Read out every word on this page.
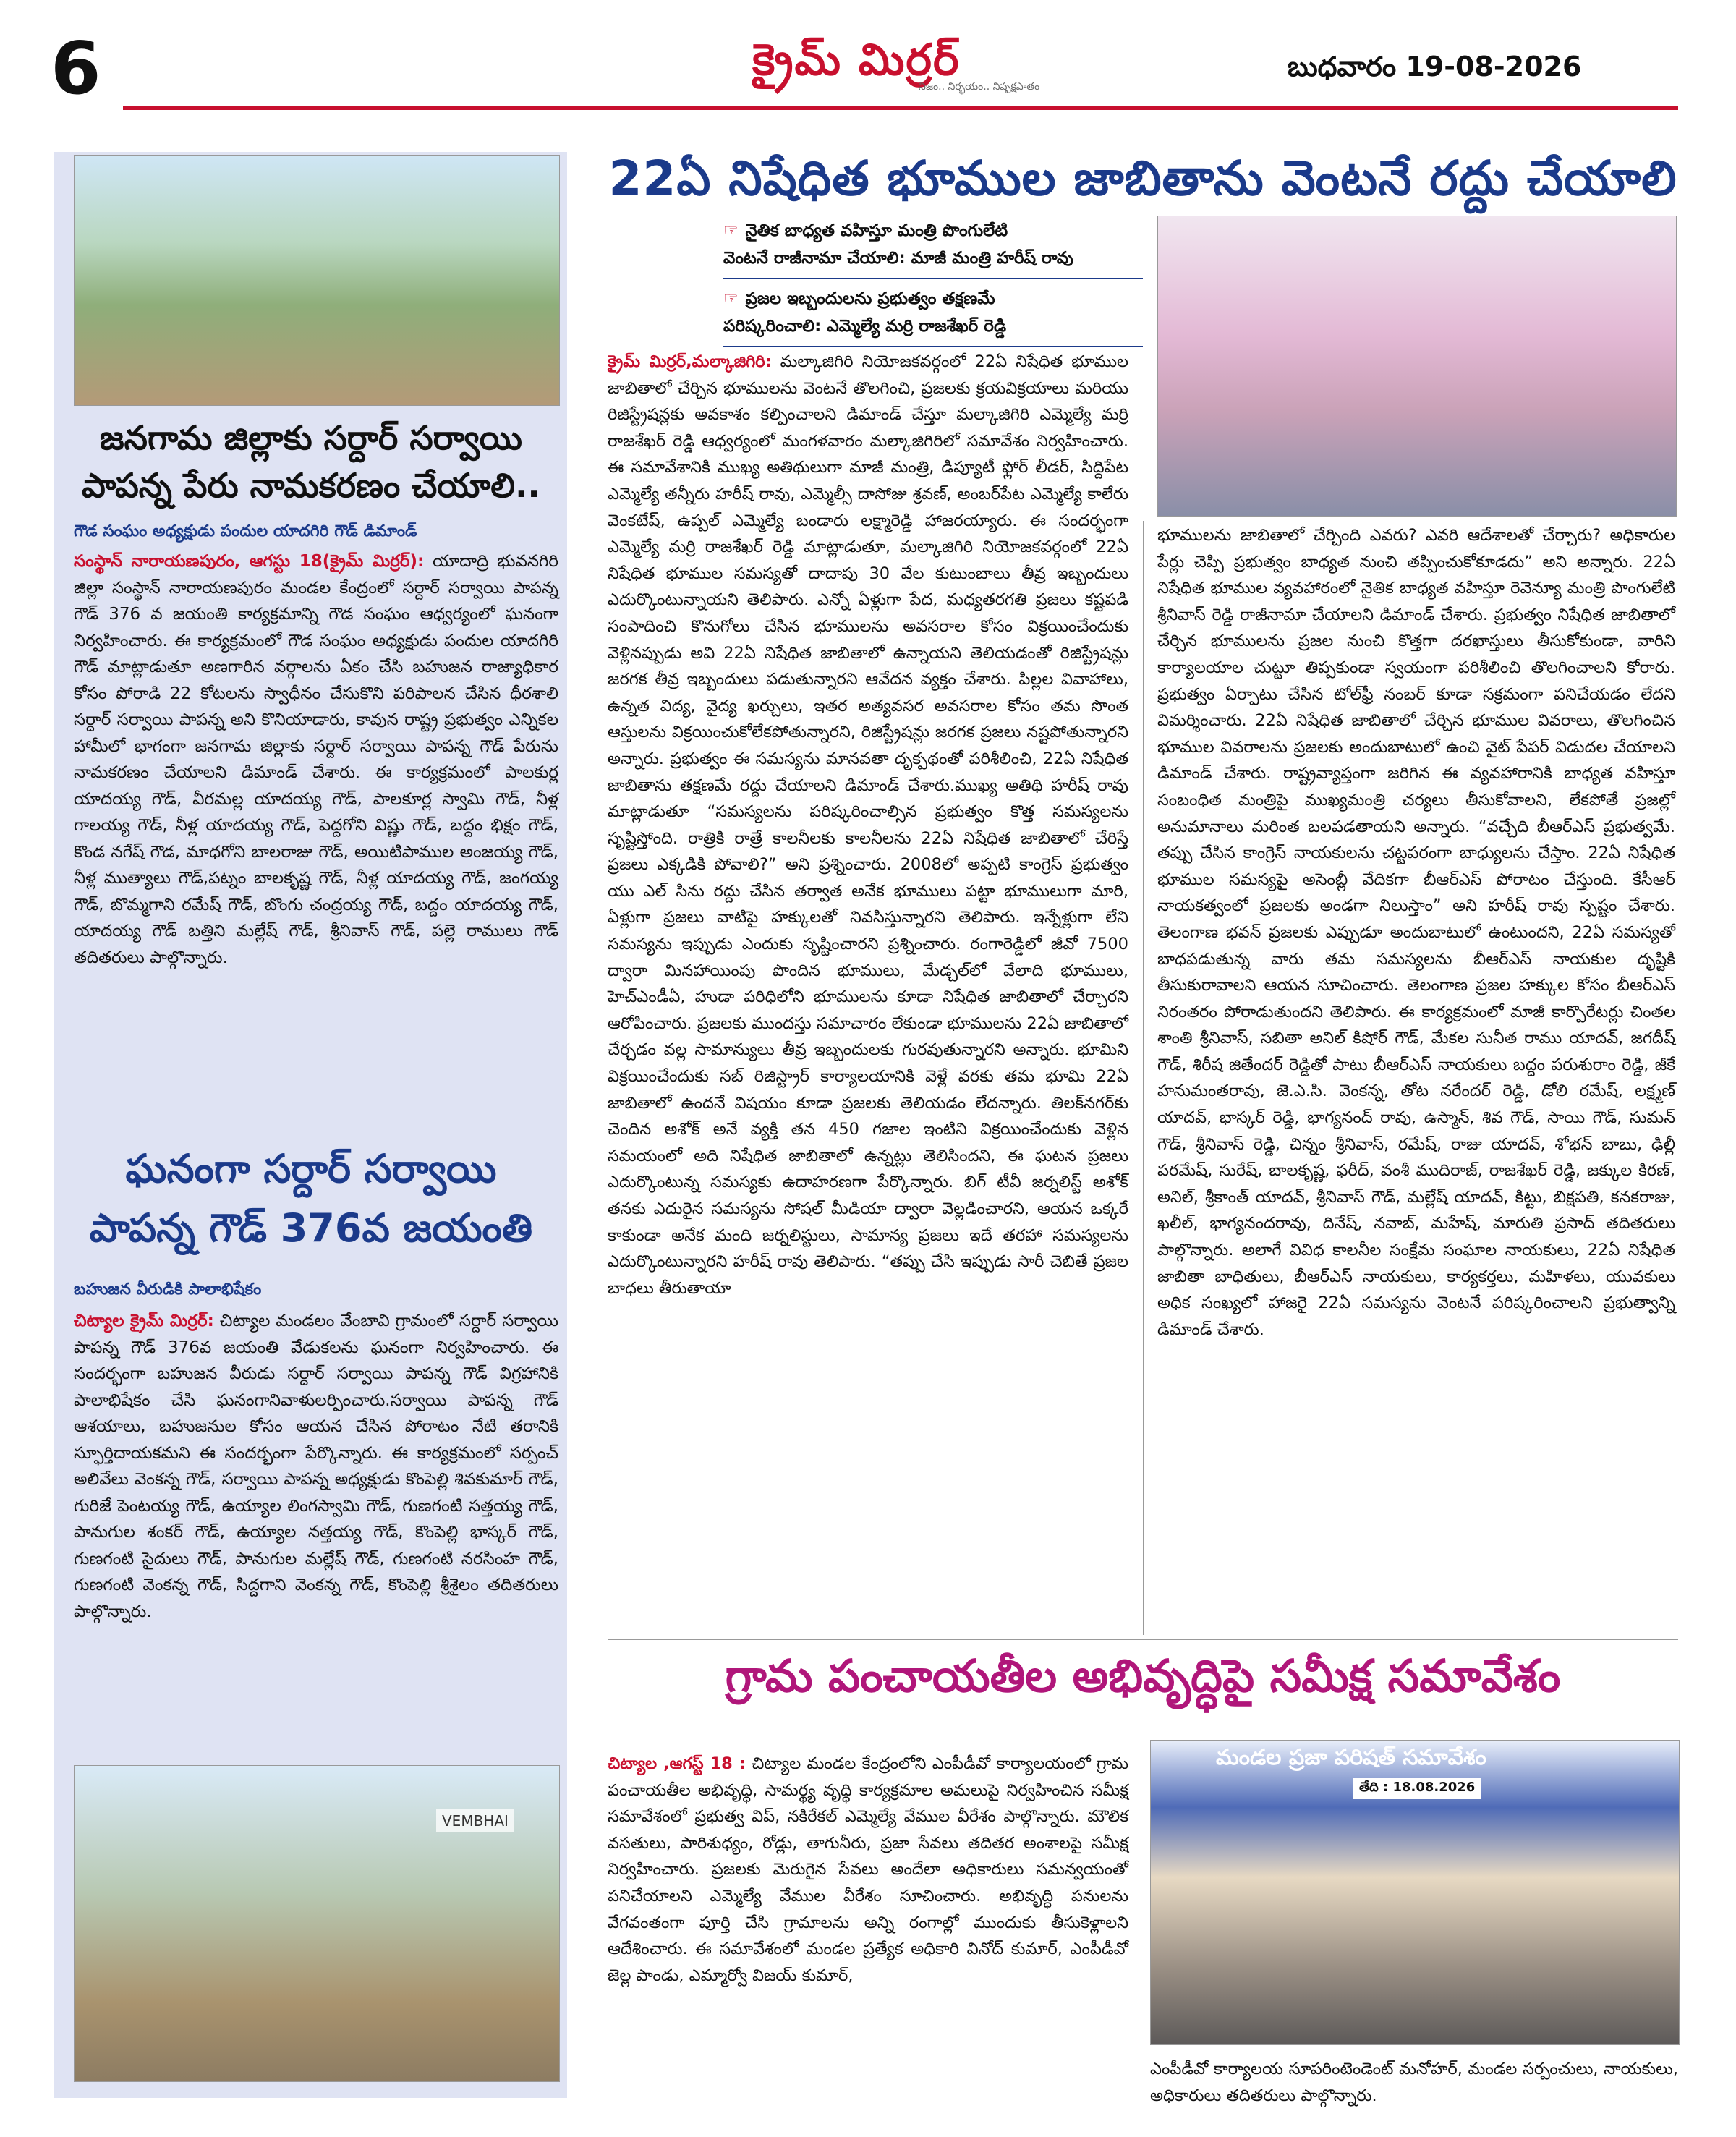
6	క్రైమ్ మిర్రర్
నిజం.. నిర్భయం.. నిష్పక్షపాతం
బుధవారం 19-08-2026
జనగామ జిల్లాకు సర్దార్ సర్వాయి
పాపన్న పేరు నామకరణం చేయాలి..
గౌడ సంఘం అధ్యక్షుడు పందుల యాదగిరి గౌడ్ డిమాండ్
సంస్థాన్ నారాయణపురం, ఆగస్టు 18(క్రైమ్ మిర్రర్): యాదాద్రి భువనగిరి జిల్లా సంస్థాన్ నారాయణపురం మండల కేంద్రంలో సర్దార్ సర్వాయి పాపన్న గౌడ్ 376 వ జయంతి కార్యక్రమాన్ని గౌడ సంఘం ఆధ్వర్యంలో ఘనంగా నిర్వహించారు. ఈ కార్యక్రమంలో గౌడ సంఘం అధ్యక్షుడు పందుల యాదగిరి గౌడ్ మాట్లాడుతూ అణగారిన వర్గాలను ఏకం చేసి బహుజన రాజ్యాధికార కోసం పోరాడి 22 కోటలను స్వాధీనం చేసుకొని పరిపాలన చేసిన ధీరశాలి సర్దార్ సర్వాయి పాపన్న అని కొనియాడారు, కావున రాష్ట్ర ప్రభుత్వం ఎన్నికల హామీలో భాగంగా జనగామ జిల్లాకు సర్దార్ సర్వాయి పాపన్న గౌడ్ పేరును నామకరణం చేయాలని డిమాండ్ చేశారు. ఈ కార్యక్రమంలో పాలకుర్ల యాదయ్య గౌడ్, వీరమల్ల యాదయ్య గౌడ్, పాలకూర్ల స్వామి గౌడ్, నీళ్ల గాలయ్య గౌడ్, నీళ్ల యాదయ్య గౌడ్, పెద్దగోని విష్ణు గౌడ్, బద్దం భిక్షం గౌడ్, కొండ నగేష్ గౌడ, మాధగోని బాలరాజు గౌడ్, అయిటిపాముల అంజయ్య గౌడ్, నీళ్ల ముత్యాలు గౌడ్,పట్నం బాలకృష్ణ గౌడ్, నీళ్ల యాదయ్య గౌడ్, జంగయ్య గౌడ్, బొమ్మగాని రమేష్ గౌడ్, బొంగు చంద్రయ్య గౌడ్, బద్దం యాదయ్య గౌడ్, యాదయ్య గౌడ్ బత్తిని మల్లేష్ గౌడ్, శ్రీనివాస్ గౌడ్, పల్లె రాములు గౌడ్ తదితరులు పాల్గొన్నారు.
ఘనంగా సర్దార్ సర్వాయి
పాపన్న గౌడ్ 376వ జయంతి
బహుజన వీరుడికి పాలాభిషేకం
చిట్యాల క్రైమ్ మిర్రర్: చిట్యాల మండలం వేంబావి గ్రామంలో సర్దార్ సర్వాయి పాపన్న గౌడ్ 376వ జయంతి వేడుకలను ఘనంగా నిర్వహించారు. ఈ సందర్భంగా బహుజన వీరుడు సర్దార్ సర్వాయి పాపన్న గౌడ్ విగ్రహానికి పాలాభిషేకం చేసి ఘనంగానివాళులర్పించారు.సర్వాయి పాపన్న గౌడ్ ఆశయాలు, బహుజనుల కోసం ఆయన చేసిన పోరాటం నేటి తరానికి స్ఫూర్తిదాయకమని ఈ సందర్భంగా పేర్కొన్నారు. ఈ కార్యక్రమంలో సర్పంచ్ అలివేలు వెంకన్న గౌడ్, సర్వాయి పాపన్న అధ్యక్షుడు కొంపెల్లి శివకుమార్ గౌడ్, గురిజే పెంటయ్య గౌడ్, ఉయ్యాల లింగస్వామి గౌడ్, గుణగంటి సత్తయ్య గౌడ్, పానుగుల శంకర్ గౌడ్, ఉయ్యాల నత్తయ్య గౌడ్, కొంపెల్లి భాస్కర్ గౌడ్, గుణగంటి సైదులు గౌడ్, పానుగుల మల్లేష్ గౌడ్, గుణగంటి నరసింహ గౌడ్, గుణగంటి వెంకన్న గౌడ్, సిద్దగాని వెంకన్న గౌడ్, కొంపెల్లి శ్రీశైలం తదితరులు పాల్గొన్నారు.
VEMBHAI
22ఏ నిషేధిత భూముల జాబితాను వెంటనే రద్దు చేయాలి
☞ నైతిక బాధ్యత వహిస్తూ మంత్రి పొంగులేటి
వెంటనే రాజీనామా చేయాలి: మాజీ మంత్రి హరీష్ రావు
☞ ప్రజల ఇబ్బందులను ప్రభుత్వం తక్షణమే
పరిష్కరించాలి: ఎమ్మెల్యే మర్రి రాజశేఖర్ రెడ్డి
క్రైమ్ మిర్రర్,మల్కాజిగిరి: మల్కాజిగిరి నియోజకవర్గంలో 22ఏ నిషేధిత భూముల జాబితాలో చేర్చిన భూములను వెంటనే తొలగించి, ప్రజలకు క్రయవిక్రయాలు మరియు రిజిస్ట్రేషన్లకు అవకాశం కల్పించాలని డిమాండ్ చేస్తూ మల్కాజిగిరి ఎమ్మెల్యే మర్రి రాజశేఖర్ రెడ్డి ఆధ్వర్యంలో మంగళవారం మల్కాజిగిరిలో సమావేశం నిర్వహించారు. ఈ సమావేశానికి ముఖ్య అతిథులుగా మాజీ మంత్రి, డిప్యూటీ ఫ్లోర్ లీడర్, సిద్దిపేట ఎమ్మెల్యే తన్నీరు హరీష్ రావు, ఎమ్మెల్సీ దాసోజు శ్రవణ్, అంబర్‌పేట ఎమ్మెల్యే కాలేరు వెంకటేష్, ఉప్పల్ ఎమ్మెల్యే బండారు లక్ష్మారెడ్డి హాజరయ్యారు. ఈ సందర్భంగా ఎమ్మెల్యే మర్రి రాజశేఖర్ రెడ్డి మాట్లాడుతూ, మల్కాజిగిరి నియోజకవర్గంలో 22ఏ నిషేధిత భూముల సమస్యతో దాదాపు 30 వేల కుటుంబాలు తీవ్ర ఇబ్బందులు ఎదుర్కొంటున్నాయని తెలిపారు. ఎన్నో ఏళ్లుగా పేద, మధ్యతరగతి ప్రజలు కష్టపడి సంపాదించి కొనుగోలు చేసిన భూములను అవసరాల కోసం విక్రయించేందుకు వెళ్లినప్పుడు అవి 22ఏ నిషేధిత జాబితాలో ఉన్నాయని తెలియడంతో రిజిస్ట్రేషన్లు జరగక తీవ్ర ఇబ్బందులు పడుతున్నారని ఆవేదన వ్యక్తం చేశారు. పిల్లల వివాహాలు, ఉన్నత విద్య, వైద్య ఖర్చులు, ఇతర అత్యవసర అవసరాల కోసం తమ సొంత ఆస్తులను విక్రయించుకోలేకపోతున్నారని, రిజిస్ట్రేషన్లు జరగక ప్రజలు నష్టపోతున్నారని అన్నారు. ప్రభుత్వం ఈ సమస్యను మానవతా దృక్పథంతో పరిశీలించి, 22ఏ నిషేధిత జాబితాను తక్షణమే రద్దు చేయాలని డిమాండ్ చేశారు.ముఖ్య అతిథి హరీష్ రావు మాట్లాడుతూ “సమస్యలను పరిష్కరించాల్సిన ప్రభుత్వం కొత్త సమస్యలను సృష్టిస్తోంది. రాత్రికి రాత్రే కాలనీలకు కాలనీలను 22ఏ నిషేధిత జాబితాలో చేరిస్తే ప్రజలు ఎక్కడికి పోవాలి?” అని ప్రశ్నించారు. 2008లో అప్పటి కాంగ్రెస్ ప్రభుత్వం యు ఎల్ సిను రద్దు చేసిన తర్వాత అనేక భూములు పట్టా భూములుగా మారి, ఏళ్లుగా ప్రజలు వాటిపై హక్కులతో నివసిస్తున్నారని తెలిపారు. ఇన్నేళ్లుగా లేని సమస్యను ఇప్పుడు ఎందుకు సృష్టించారని ప్రశ్నించారు. రంగారెడ్డిలో జీవో 7500 ద్వారా మినహాయింపు పొందిన భూములు, మేడ్చల్‌లో వేలాది భూములు, హెచ్‌ఎండీఏ, హుడా పరిధిలోని భూములను కూడా నిషేధిత జాబితాలో చేర్చారని ఆరోపించారు. ప్రజలకు ముందస్తు సమాచారం లేకుండా భూములను 22ఏ జాబితాలో చేర్చడం వల్ల సామాన్యులు తీవ్ర ఇబ్బందులకు గురవుతున్నారని అన్నారు. భూమిని విక్రయించేందుకు సబ్ రిజిస్ట్రార్ కార్యాలయానికి వెళ్లే వరకు తమ భూమి 22ఏ జాబితాలో ఉందనే విషయం కూడా ప్రజలకు తెలియడం లేదన్నారు. తిలక్‌నగర్‌కు చెందిన అశోక్ అనే వ్యక్తి తన 450 గజాల ఇంటిని విక్రయించేందుకు వెళ్లిన సమయంలో అది నిషేధిత జాబితాలో ఉన్నట్లు తెలిసిందని, ఈ ఘటన ప్రజలు ఎదుర్కొంటున్న సమస్యకు ఉదాహరణగా పేర్కొన్నారు. బిగ్ టీవీ జర్నలిస్ట్ అశోక్ తనకు ఎదురైన సమస్యను సోషల్ మీడియా ద్వారా వెల్లడించారని, ఆయన ఒక్కరే కాకుండా అనేక మంది జర్నలిస్టులు, సామాన్య ప్రజలు ఇదే తరహా సమస్యలను ఎదుర్కొంటున్నారని హరీష్ రావు తెలిపారు. “తప్పు చేసి ఇప్పుడు సారీ చెబితే ప్రజల బాధలు తీరుతాయా
భూములను జాబితాలో చేర్చింది ఎవరు? ఎవరి ఆదేశాలతో చేర్చారు? అధికారుల పేర్లు చెప్పి ప్రభుత్వం బాధ్యత నుంచి తప్పించుకోకూడదు” అని అన్నారు. 22ఏ నిషేధిత భూముల వ్యవహారంలో నైతిక బాధ్యత వహిస్తూ రెవెన్యూ మంత్రి పొంగులేటి శ్రీనివాస్ రెడ్డి రాజీనామా చేయాలని డిమాండ్ చేశారు. ప్రభుత్వం నిషేధిత జాబితాలో చేర్చిన భూములను ప్రజల నుంచి కొత్తగా దరఖాస్తులు తీసుకోకుండా, వారిని కార్యాలయాల చుట్టూ తిప్పకుండా స్వయంగా పరిశీలించి తొలగించాలని కోరారు. ప్రభుత్వం ఏర్పాటు చేసిన టోల్‌ఫ్రీ నంబర్ కూడా సక్రమంగా పనిచేయడం లేదని విమర్శించారు. 22ఏ నిషేధిత జాబితాలో చేర్చిన భూముల వివరాలు, తొలగించిన భూముల వివరాలను ప్రజలకు అందుబాటులో ఉంచి వైట్ పేపర్ విడుదల చేయాలని డిమాండ్ చేశారు. రాష్ట్రవ్యాప్తంగా జరిగిన ఈ వ్యవహారానికి బాధ్యత వహిస్తూ సంబంధిత మంత్రిపై ముఖ్యమంత్రి చర్యలు తీసుకోవాలని, లేకపోతే ప్రజల్లో అనుమానాలు మరింత బలపడతాయని అన్నారు. “వచ్చేది బీఆర్ఎస్ ప్రభుత్వమే. తప్పు చేసిన కాంగ్రెస్ నాయకులను చట్టపరంగా బాధ్యులను చేస్తాం. 22ఏ నిషేధిత భూముల సమస్యపై అసెంబ్లీ వేదికగా బీఆర్ఎస్ పోరాటం చేస్తుంది. కేసీఆర్ నాయకత్వంలో ప్రజలకు అండగా నిలుస్తాం” అని హరీష్ రావు స్పష్టం చేశారు. తెలంగాణ భవన్ ప్రజలకు ఎప్పుడూ అందుబాటులో ఉంటుందని, 22ఏ సమస్యతో బాధపడుతున్న వారు తమ సమస్యలను బీఆర్ఎస్ నాయకుల దృష్టికి తీసుకురావాలని ఆయన సూచించారు. తెలంగాణ ప్రజల హక్కుల కోసం బీఆర్ఎస్ నిరంతరం పోరాడుతుందని తెలిపారు. ఈ కార్యక్రమంలో మాజీ కార్పొరేటర్లు చింతల శాంతి శ్రీనివాస్, సబితా అనిల్ కిషోర్ గౌడ్, మేకల సునీత రాము యాదవ్, జగదీష్ గౌడ్, శిరీష జితేందర్ రెడ్డితో పాటు బీఆర్ఎస్ నాయకులు బద్దం పరుశురాం రెడ్డి, జీకే హనుమంతరావు, జె.ఎ.సి. వెంకన్న, తోట నరేందర్ రెడ్డి, డోలి రమేష్, లక్ష్మణ్ యాదవ్, భాస్కర్ రెడ్డి, భాగ్యనంద్ రావు, ఉస్మాన్, శివ గౌడ్, సాయి గౌడ్, సుమన్ గౌడ్, శ్రీనివాస్ రెడ్డి, చిన్నం శ్రీనివాస్, రమేష్, రాజు యాదవ్, శోభన్ బాబు, ఢిల్లీ పరమేష్, సురేష్, బాలకృష్ణ, ఫరీద్, వంశీ ముదిరాజ్, రాజశేఖర్ రెడ్డి, జక్కుల కిరణ్, అనిల్, శ్రీకాంత్ యాదవ్, శ్రీనివాస్ గౌడ్, మల్లేష్ యాదవ్, కిట్టు, బిక్షపతి, కనకరాజు, ఖలీల్, భాగ్యనందరావు, దినేష్, నవాబ్, మహేష్, మారుతి ప్రసాద్ తదితరులు పాల్గొన్నారు. అలాగే వివిధ కాలనీల సంక్షేమ సంఘాల నాయకులు, 22ఏ నిషేధిత జాబితా బాధితులు, బీఆర్ఎస్ నాయకులు, కార్యకర్తలు, మహిళలు, యువకులు అధిక సంఖ్యలో హాజరై 22ఏ సమస్యను వెంటనే పరిష్కరించాలని ప్రభుత్వాన్ని డిమాండ్ చేశారు.
గ్రామ పంచాయతీల అభివృద్ధిపై సమీక్ష సమావేశం
చిట్యాల ,ఆగస్ట్ 18 : చిట్యాల మండల కేంద్రంలోని ఎంపీడీవో కార్యాలయంలో గ్రామ పంచాయతీల అభివృద్ధి, సామర్థ్య వృద్ధి కార్యక్రమాల అమలుపై నిర్వహించిన సమీక్ష సమావేశంలో ప్రభుత్వ విప్, నకిరేకల్ ఎమ్మెల్యే వేముల వీరేశం పాల్గొన్నారు. మౌలిక వసతులు, పారిశుధ్యం, రోడ్లు, తాగునీరు, ప్రజా సేవలు తదితర అంశాలపై సమీక్ష నిర్వహించారు. ప్రజలకు మెరుగైన సేవలు అందేలా అధికారులు సమన్వయంతో పనిచేయాలని ఎమ్మెల్యే వేముల వీరేశం సూచించారు. అభివృద్ధి పనులను వేగవంతంగా పూర్తి చేసి గ్రామాలను అన్ని రంగాల్లో ముందుకు తీసుకెళ్లాలని ఆదేశించారు. ఈ సమావేశంలో మండల ప్రత్యేక అధికారి వినోద్ కుమార్, ఎంపీడీవో జెల్ల పాండు, ఎమ్మార్వో విజయ్ కుమార్,
మండల ప్రజా పరిషత్ సమావేశం
తేది : 18.08.2026
ఎంపీడీవో కార్యాలయ సూపరింటెండెంట్ మనోహర్, మండల సర్పంచులు, నాయకులు, అధికారులు తదితరులు పాల్గొన్నారు.
